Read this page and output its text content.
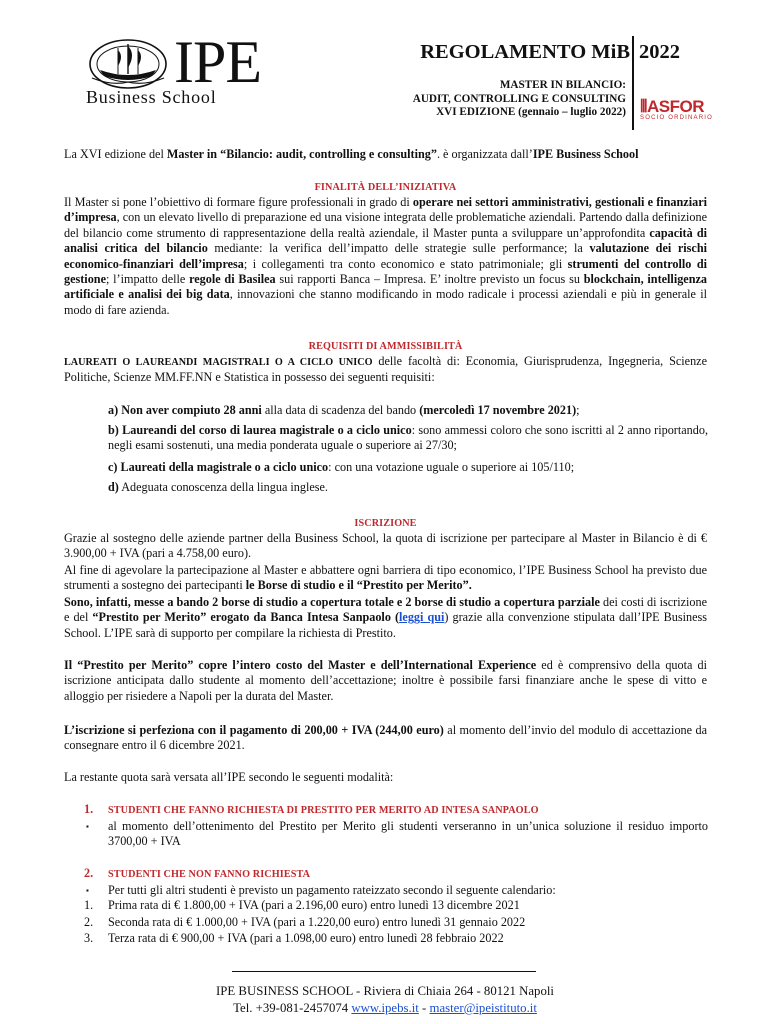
IPE
Business School
REGOLAMENTO MiB 2022
MASTER IN BILANCIO:
AUDIT, CONTROLLING E CONSULTING
XVI EDIZIONE (gennaio – luglio 2022) ⦀ASFOR
SOCIO ORDINARIO
La XVI edizione del Master in “Bilancio: audit, controlling e consulting”. è organizzata dall’IPE Business School
FINALITÀ DELL’INIZIATIVA
Il Master si pone l’obiettivo di formare figure professionali in grado di operare nei settori amministrativi, gestionali e finanziari d’impresa, con un elevato livello di preparazione ed una visione integrata delle problematiche aziendali. Partendo dalla definizione del bilancio come strumento di rappresentazione della realtà aziendale, il Master punta a sviluppare un’approfondita capacità di analisi critica del bilancio mediante: la verifica dell’impatto delle strategie sulle performance; la valutazione dei rischi economico-finanziari dell’impresa; i collegamenti tra conto economico e stato patrimoniale; gli strumenti del controllo di gestione; l’impatto delle regole di Basilea sui rapporti Banca – Impresa. E’ inoltre previsto un focus su blockchain, intelligenza artificiale e analisi dei big data, innovazioni che stanno modificando in modo radicale i processi aziendali e più in generale il modo di fare azienda.
REQUISITI DI AMMISSIBILITÀ
LAUREATI O LAUREANDI MAGISTRALI O A CICLO UNICO delle facoltà di: Economia, Giurisprudenza, Ingegneria, Scienze Politiche, Scienze MM.FF.NN e Statistica in possesso dei seguenti requisiti:
a) Non aver compiuto 28 anni alla data di scadenza del bando (mercoledì 17 novembre 2021);
b) Laureandi del corso di laurea magistrale o a ciclo unico: sono ammessi coloro che sono iscritti al 2 anno riportando, negli esami sostenuti, una media ponderata uguale o superiore ai 27/30;
c) Laureati della magistrale o a ciclo unico: con una votazione uguale o superiore ai 105/110;
d) Adeguata conoscenza della lingua inglese.
ISCRIZIONE
Grazie al sostegno delle aziende partner della Business School, la quota di iscrizione per partecipare al Master in Bilancio è di € 3.900,00 + IVA (pari a 4.758,00 euro).
Al fine di agevolare la partecipazione al Master e abbattere ogni barriera di tipo economico, l’IPE Business School ha previsto due strumenti a sostegno dei partecipanti le Borse di studio e il “Prestito per Merito”.
Sono, infatti, messe a bando 2 borse di studio a copertura totale e 2 borse di studio a copertura parziale dei costi di iscrizione e del “Prestito per Merito” erogato da Banca Intesa Sanpaolo (leggi qui) grazie alla convenzione stipulata dall’IPE Business School. L’IPE sarà di supporto per compilare la richiesta di Prestito.
Il “Prestito per Merito” copre l’intero costo del Master e dell’International Experience ed è comprensivo della quota di iscrizione anticipata dallo studente al momento dell’accettazione; inoltre è possibile farsi finanziare anche le spese di vitto e alloggio per risiedere a Napoli per la durata del Master.
L’iscrizione si perfeziona con il pagamento di 200,00 + IVA (244,00 euro) al momento dell’invio del modulo di accettazione da consegnare entro il 6 dicembre 2021.
La restante quota sarà versata all’IPE secondo le seguenti modalità:
1. STUDENTI CHE FANNO RICHIESTA DI PRESTITO PER MERITO AD INTESA SANPAOLO
▪	al momento dell’ottenimento del Prestito per Merito gli studenti verseranno in un’unica soluzione il residuo importo 3700,00 + IVA
2. STUDENTI CHE NON FANNO RICHIESTA
▪	Per tutti gli altri studenti è previsto un pagamento rateizzato secondo il seguente calendario:
1. Prima rata di € 1.800,00 + IVA (pari a 2.196,00 euro) entro lunedì 13 dicembre 2021
2. Seconda rata di € 1.000,00 + IVA (pari a 1.220,00 euro) entro lunedì 31 gennaio 2022
3. Terza rata di € 900,00 + IVA (pari a 1.098,00 euro) entro lunedì 28 febbraio 2022
IPE BUSINESS SCHOOL - Riviera di Chiaia 264 - 80121 Napoli
Tel. +39-081-2457074 www.ipebs.it - master@ipeistituto.it
